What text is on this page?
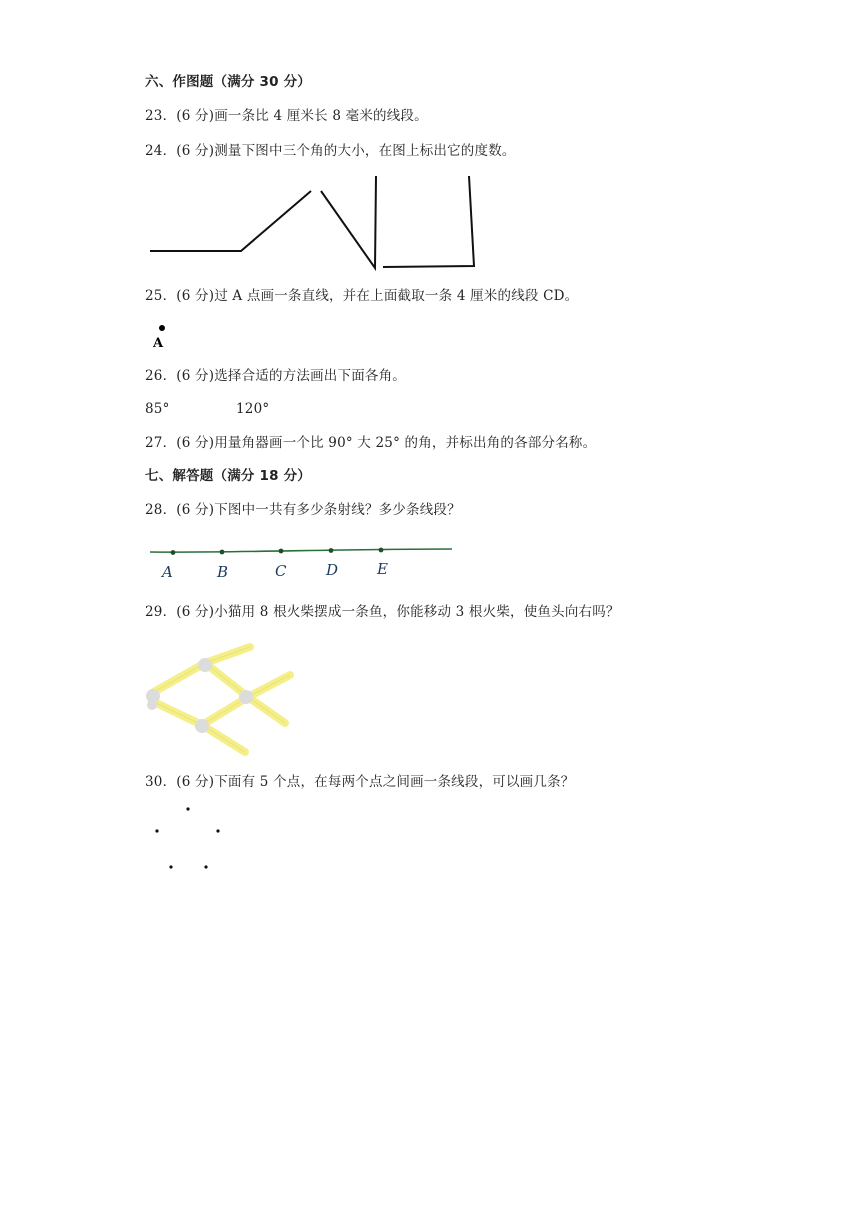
六、作图题（满分 30 分）
23．(6 分)画一条比 4 厘米长 8 毫米的线段。
24．(6 分)测量下图中三个角的大小，在图上标出它的度数。
25．(6 分)过 A 点画一条直线，并在上面截取一条 4 厘米的线段 CD。
A
26．(6 分)选择合适的方法画出下面各角。
85°	120°
27．(6 分)用量角器画一个比 90° 大 25° 的角，并标出角的各部分名称。
七、解答题（满分 18 分）
28．(6 分)下图中一共有多少条射线？多少条线段？
A	B	C	D	E
29．(6 分)小猫用 8 根火柴摆成一条鱼，你能移动 3 根火柴，使鱼头向右吗？
30．(6 分)下面有 5 个点，在每两个点之间画一条线段，可以画几条？
